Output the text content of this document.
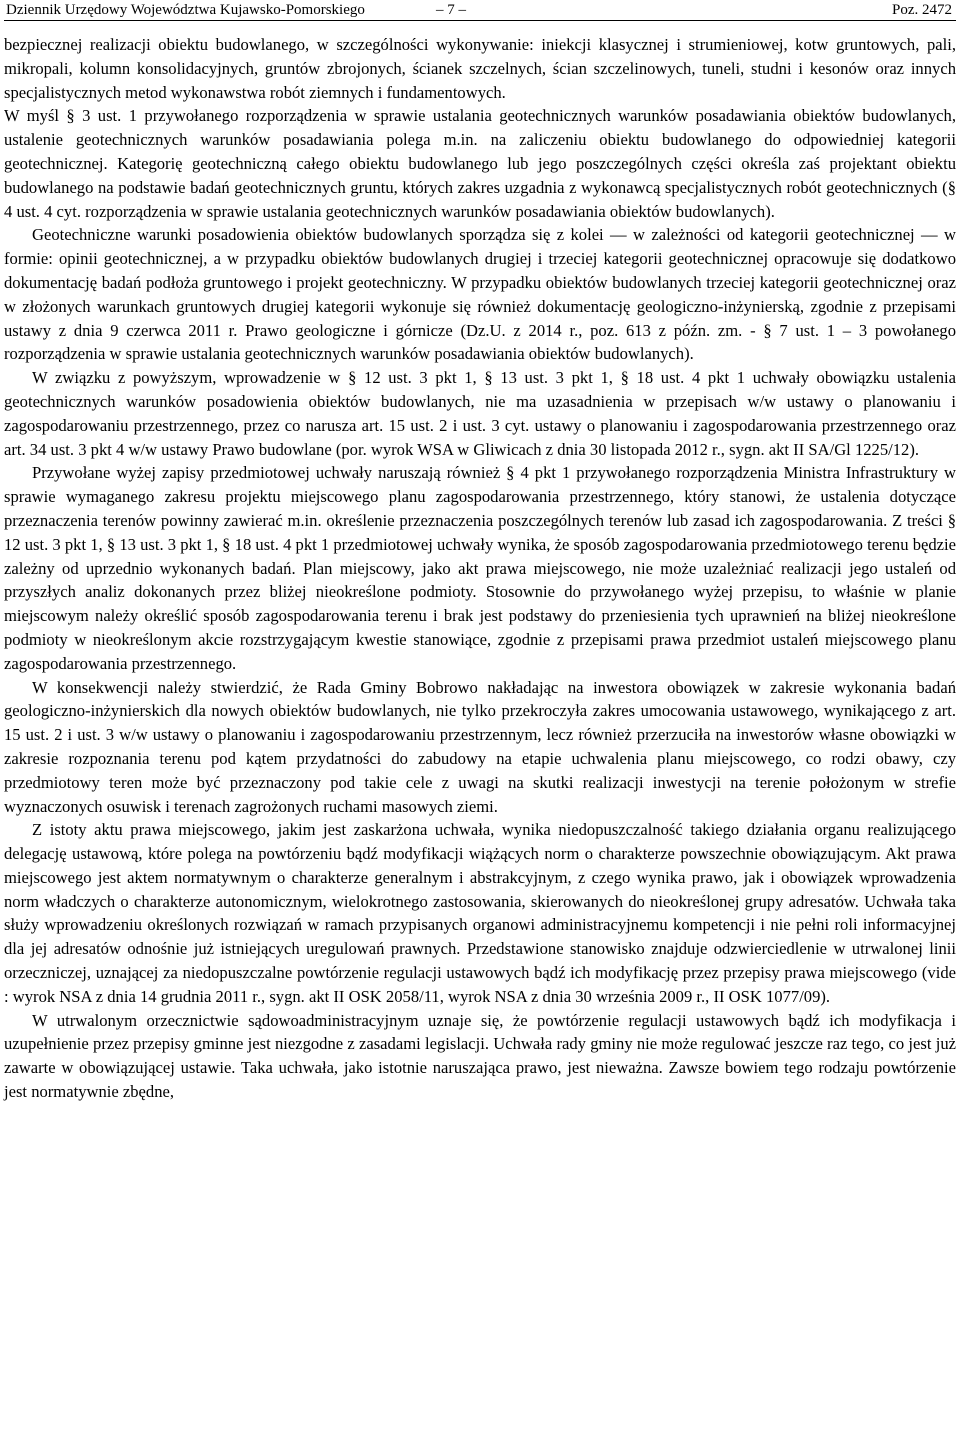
Dziennik Urzędowy Województwa Kujawsko-Pomorskiego	– 7 –	Poz. 2472

bezpiecznej realizacji obiektu budowlanego, w szczególności wykonywanie: iniekcji klasycznej i strumieniowej, kotw gruntowych, pali, mikropali, kolumn konsolidacyjnych, gruntów zbrojonych, ścianek szczelnych, ścian szczelinowych, tuneli, studni i kesonów oraz innych specjalistycznych metod wykonawstwa robót ziemnych i fundamentowych.

W myśl § 3 ust. 1 przywołanego rozporządzenia w sprawie ustalania geotechnicznych warunków posadawiania obiektów budowlanych, ustalenie geotechnicznych warunków posadawiania polega m.in. na zaliczeniu obiektu budowlanego do odpowiedniej kategorii geotechnicznej. Kategorię geotechniczną całego obiektu budowlanego lub jego poszczególnych części określa zaś projektant obiektu budowlanego na podstawie badań geotechnicznych gruntu, których zakres uzgadnia z wykonawcą specjalistycznych robót geotechnicznych (§ 4 ust. 4 cyt. rozporządzenia w sprawie ustalania geotechnicznych warunków posadawiania obiektów budowlanych).

Geotechniczne warunki posadowienia obiektów budowlanych sporządza się z kolei — w zależności od kategorii geotechnicznej — w formie: opinii geotechnicznej, a w przypadku obiektów budowlanych drugiej i trzeciej kategorii geotechnicznej opracowuje się dodatkowo dokumentację badań podłoża gruntowego i projekt geotechniczny. W przypadku obiektów budowlanych trzeciej kategorii geotechnicznej oraz w złożonych warunkach gruntowych drugiej kategorii wykonuje się również dokumentację geologiczno-inżynierską, zgodnie z przepisami ustawy z dnia 9 czerwca 2011 r. Prawo geologiczne i górnicze (Dz.U. z 2014 r., poz. 613 z późn. zm. - § 7 ust. 1 – 3 powołanego rozporządzenia w sprawie ustalania geotechnicznych warunków posadawiania obiektów budowlanych).

W związku z powyższym, wprowadzenie w § 12 ust. 3 pkt 1, § 13 ust. 3 pkt 1, § 18 ust. 4 pkt 1 uchwały obowiązku ustalenia geotechnicznych warunków posadowienia obiektów budowlanych, nie ma uzasadnienia w przepisach w/w ustawy o planowaniu i zagospodarowaniu przestrzennego, przez co narusza art. 15 ust. 2 i ust. 3 cyt. ustawy o planowaniu i zagospodarowania przestrzennego oraz art. 34 ust. 3 pkt 4 w/w ustawy Prawo budowlane (por. wyrok WSA w Gliwicach z dnia 30 listopada 2012 r., sygn. akt II SA/Gl 1225/12).

Przywołane wyżej zapisy przedmiotowej uchwały naruszają również § 4 pkt 1 przywołanego rozporządzenia Ministra Infrastruktury w sprawie wymaganego zakresu projektu miejscowego planu zagospodarowania przestrzennego, który stanowi, że ustalenia dotyczące przeznaczenia terenów powinny zawierać m.in. określenie przeznaczenia poszczególnych terenów lub zasad ich zagospodarowania. Z treści § 12 ust. 3 pkt 1, § 13 ust. 3 pkt 1, § 18 ust. 4 pkt 1 przedmiotowej uchwały wynika, że sposób zagospodarowania przedmiotowego terenu będzie zależny od uprzednio wykonanych badań. Plan miejscowy, jako akt prawa miejscowego, nie może uzależniać realizacji jego ustaleń od przyszłych analiz dokonanych przez bliżej nieokreślone podmioty. Stosownie do przywołanego wyżej przepisu, to właśnie w planie miejscowym należy określić sposób zagospodarowania terenu i brak jest podstawy do przeniesienia tych uprawnień na bliżej nieokreślone podmioty w nieokreślonym akcie rozstrzygającym kwestie stanowiące, zgodnie z przepisami prawa przedmiot ustaleń miejscowego planu zagospodarowania przestrzennego.

W konsekwencji należy stwierdzić, że Rada Gminy Bobrowo nakładając na inwestora obowiązek w zakresie wykonania badań geologiczno-inżynierskich dla nowych obiektów budowlanych, nie tylko przekroczyła zakres umocowania ustawowego, wynikającego z art. 15 ust. 2 i ust. 3 w/w ustawy o planowaniu i zagospodarowaniu przestrzennym, lecz również przerzuciła na inwestorów własne obowiązki w zakresie rozpoznania terenu pod kątem przydatności do zabudowy na etapie uchwalenia planu miejscowego, co rodzi obawy, czy przedmiotowy teren może być przeznaczony pod takie cele z uwagi na skutki realizacji inwestycji na terenie położonym w strefie wyznaczonych osuwisk i terenach zagrożonych ruchami masowych ziemi.

Z istoty aktu prawa miejscowego, jakim jest zaskarżona uchwała, wynika niedopuszczalność takiego działania organu realizującego delegację ustawową, które polega na powtórzeniu bądź modyfikacji wiążących norm o charakterze powszechnie obowiązującym. Akt prawa miejscowego jest aktem normatywnym o charakterze generalnym i abstrakcyjnym, z czego wynika prawo, jak i obowiązek wprowadzenia norm władczych o charakterze autonomicznym, wielokrotnego zastosowania, skierowanych do nieokreślonej grupy adresatów. Uchwała taka służy wprowadzeniu określonych rozwiązań w ramach przypisanych organowi administracyjnemu kompetencji i nie pełni roli informacyjnej dla jej adresatów odnośnie już istniejących uregulowań prawnych. Przedstawione stanowisko znajduje odzwierciedlenie w utrwalonej linii orzeczniczej, uznającej za niedopuszczalne powtórzenie regulacji ustawowych bądź ich modyfikację przez przepisy prawa miejscowego (vide : wyrok NSA z dnia 14 grudnia 2011 r., sygn. akt II OSK 2058/11, wyrok NSA z dnia 30 września 2009 r., II OSK 1077/09).

W utrwalonym orzecznictwie sądowoadministracyjnym uznaje się, że powtórzenie regulacji ustawowych bądź ich modyfikacja i uzupełnienie przez przepisy gminne jest niezgodne z zasadami legislacji. Uchwała rady gminy nie może regulować jeszcze raz tego, co jest już zawarte w obowiązującej ustawie. Taka uchwała, jako istotnie naruszająca prawo, jest nieważna. Zawsze bowiem tego rodzaju powtórzenie jest normatywnie zbędne,
